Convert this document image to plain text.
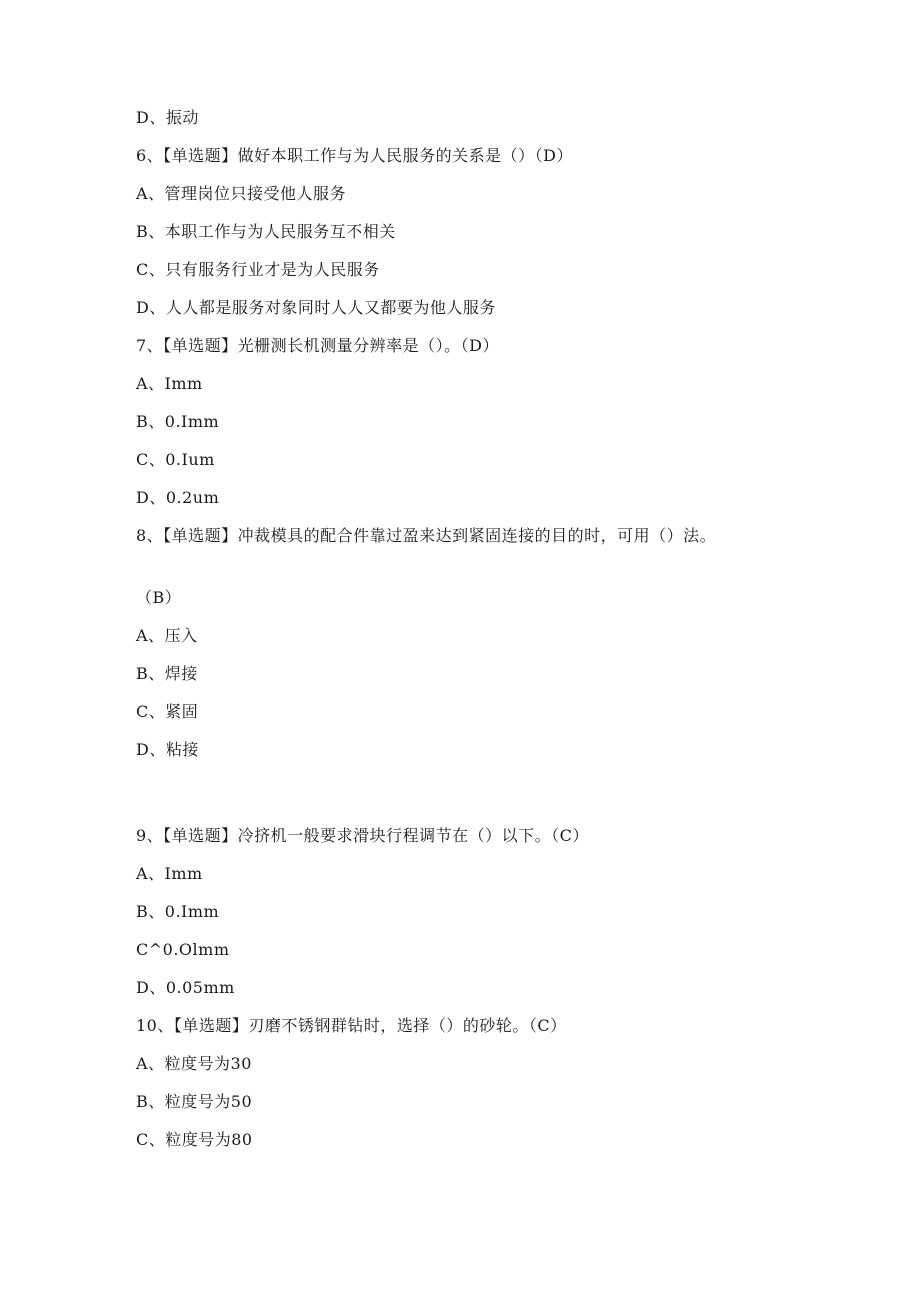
D、振动
6、【单选题】做好本职工作与为人民服务的关系是（）（D）
A、管理岗位只接受他人服务
B、本职工作与为人民服务互不相关
C、只有服务行业才是为人民服务
D、人人都是服务对象同时人人又都要为他人服务
7、【单选题】光栅测长机测量分辨率是（）。（D）
A、Imm
B、0.Imm
C、0.Ium
D、0.2um
8、【单选题】冲裁模具的配合件靠过盈来达到紧固连接的目的时，可用（）法。
（B）
A、压入
B、焊接
C、紧固
D、粘接
9、【单选题】冷挤机一般要求滑块行程调节在（）以下。（C）
A、Imm
B、0.Imm
C^0.Olmm
D、0.05mm
10、【单选题】刃磨不锈钢群钻时，选择（）的砂轮。（C）
A、粒度号为30
B、粒度号为50
C、粒度号为80
